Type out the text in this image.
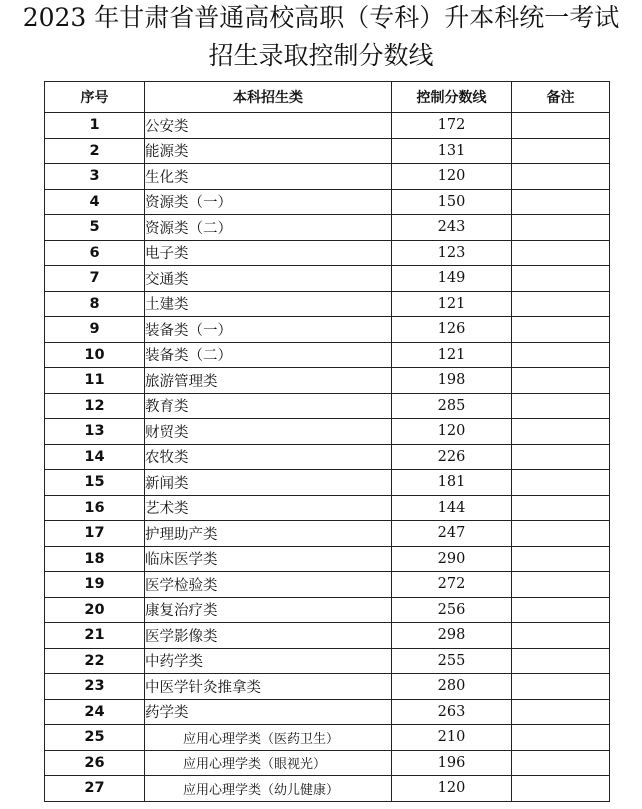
2023 年甘肃省普通高校高职（专科）升本科统一考试
招生录取控制分数线
序号	本科招生类	控制分数线	备注
1	公安类	172	
2	能源类	131	
3	生化类	120	
4	资源类（一）	150	
5	资源类（二）	243	
6	电子类	123	
7	交通类	149	
8	土建类	121	
9	装备类（一）	126	
10	装备类（二）	121	
11	旅游管理类	198	
12	教育类	285	
13	财贸类	120	
14	农牧类	226	
15	新闻类	181	
16	艺术类	144	
17	护理助产类	247	
18	临床医学类	290	
19	医学检验类	272	
20	康复治疗类	256	
21	医学影像类	298	
22	中药学类	255	
23	中医学针灸推拿类	280	
24	药学类	263	
25	应用心理学类（医药卫生）	210	
26	应用心理学类（眼视光）	196	
27	应用心理学类（幼儿健康）	120	
